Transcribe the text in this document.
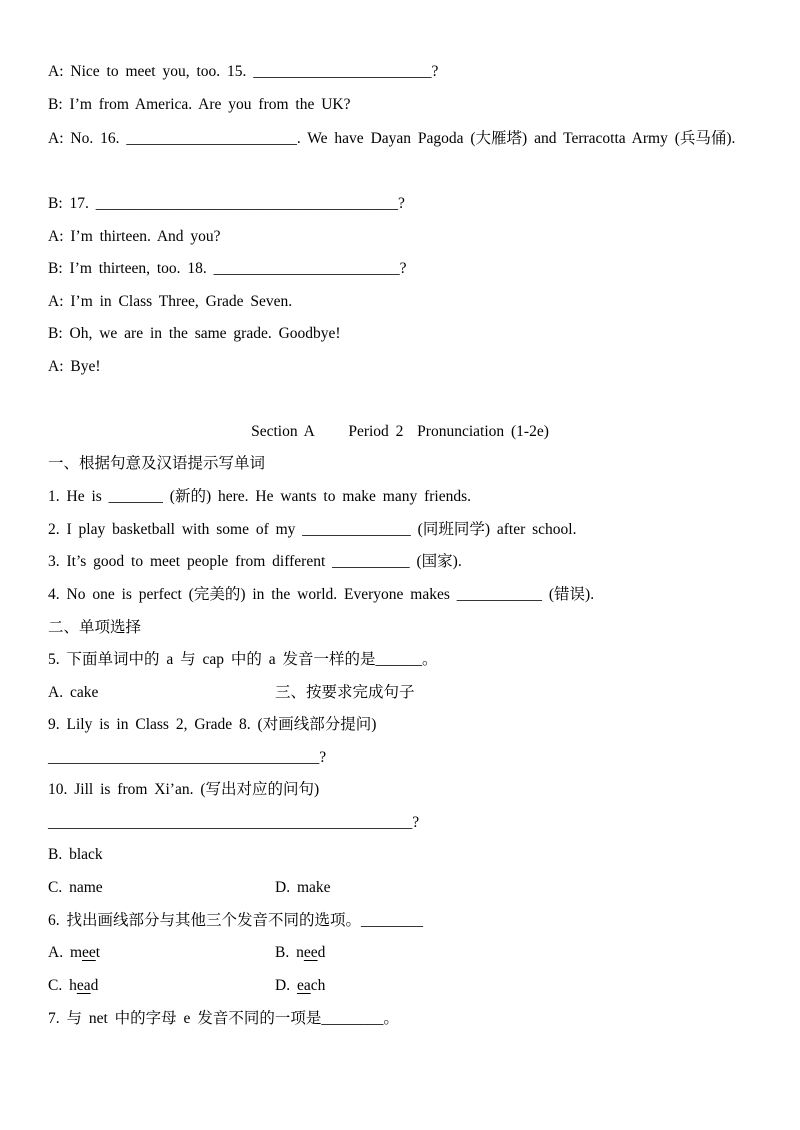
A: Nice to meet you, too. 15. _______________________?
B: I’m from America. Are you from the UK?
A: No. 16. ______________________. We have Dayan Pagoda (大雁塔) and Terracotta Army (兵马俑).
B: 17. _______________________________________?
A: I’m thirteen. And you?
B: I’m thirteen, too. 18. ________________________?
A: I’m in Class Three, Grade Seven.
B: Oh, we are in the same grade. Goodbye!
A: Bye!
Section A     Period 2  Pronunciation (1-2e)
一、根据句意及汉语提示写单词
1. He is _______ (新的) here. He wants to make many friends.
2. I play basketball with some of my ______________ (同班同学) after school.
3. It’s good to meet people from different __________ (国家).
4. No one is perfect (完美的) in the world. Everyone makes ___________ (错误).
二、单项选择
5. 下面单词中的 a 与 cap 中的 a 发音一样的是______。
A. cake	三、按要求完成句子
9. Lily is in Class 2, Grade 8. (对画线部分提问)
___________________________________?
10. Jill is from Xi’an. (写出对应的问句)
_______________________________________________?
B. black
C. name	D. make
6. 找出画线部分与其他三个发音不同的选项。________
A. meet	B. need
C. head	D. each
7. 与 net 中的字母 e 发音不同的一项是________。
